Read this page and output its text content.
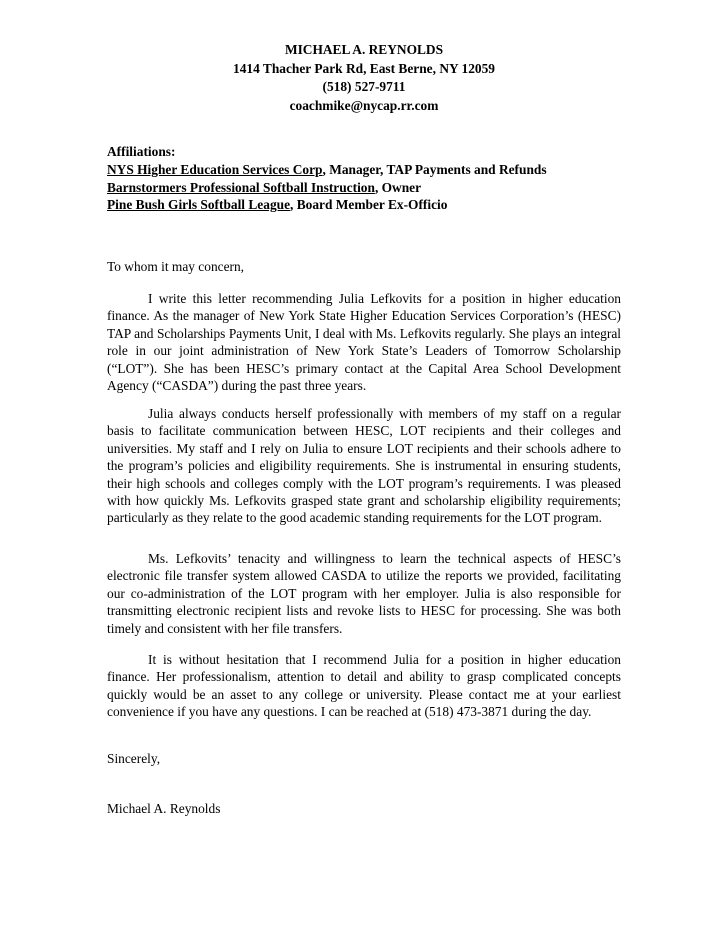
MICHAEL A. REYNOLDS
1414 Thacher Park Rd, East Berne, NY 12059
(518) 527-9711
coachmike@nycap.rr.com
Affiliations:
NYS Higher Education Services Corp, Manager, TAP Payments and Refunds
Barnstormers Professional Softball Instruction, Owner
Pine Bush Girls Softball League, Board Member Ex-Officio
To whom it may concern,

I write this letter recommending Julia Lefkovits for a position in higher education finance. As the manager of New York State Higher Education Services Corporation’s (HESC) TAP and Scholarships Payments Unit, I deal with Ms. Lefkovits regularly. She plays an integral role in our joint administration of New York State’s Leaders of Tomorrow Scholarship (“LOT”). She has been HESC’s primary contact at the Capital Area School Development Agency (“CASDA”) during the past three years.

Julia always conducts herself professionally with members of my staff on a regular basis to facilitate communication between HESC, LOT recipients and their colleges and universities. My staff and I rely on Julia to ensure LOT recipients and their schools adhere to the program’s policies and eligibility requirements. She is instrumental in ensuring students, their high schools and colleges comply with the LOT program’s requirements. I was pleased with how quickly Ms. Lefkovits grasped state grant and scholarship eligibility requirements; particularly as they relate to the good academic standing requirements for the LOT program.

Ms. Lefkovits’ tenacity and willingness to learn the technical aspects of HESC’s electronic file transfer system allowed CASDA to utilize the reports we provided, facilitating our co-administration of the LOT program with her employer. Julia is also responsible for transmitting electronic recipient lists and revoke lists to HESC for processing. She was both timely and consistent with her file transfers.

It is without hesitation that I recommend Julia for a position in higher education finance. Her professionalism, attention to detail and ability to grasp complicated concepts quickly would be an asset to any college or university. Please contact me at your earliest convenience if you have any questions. I can be reached at (518) 473-3871 during the day.

Sincerely,
Michael A. Reynolds
